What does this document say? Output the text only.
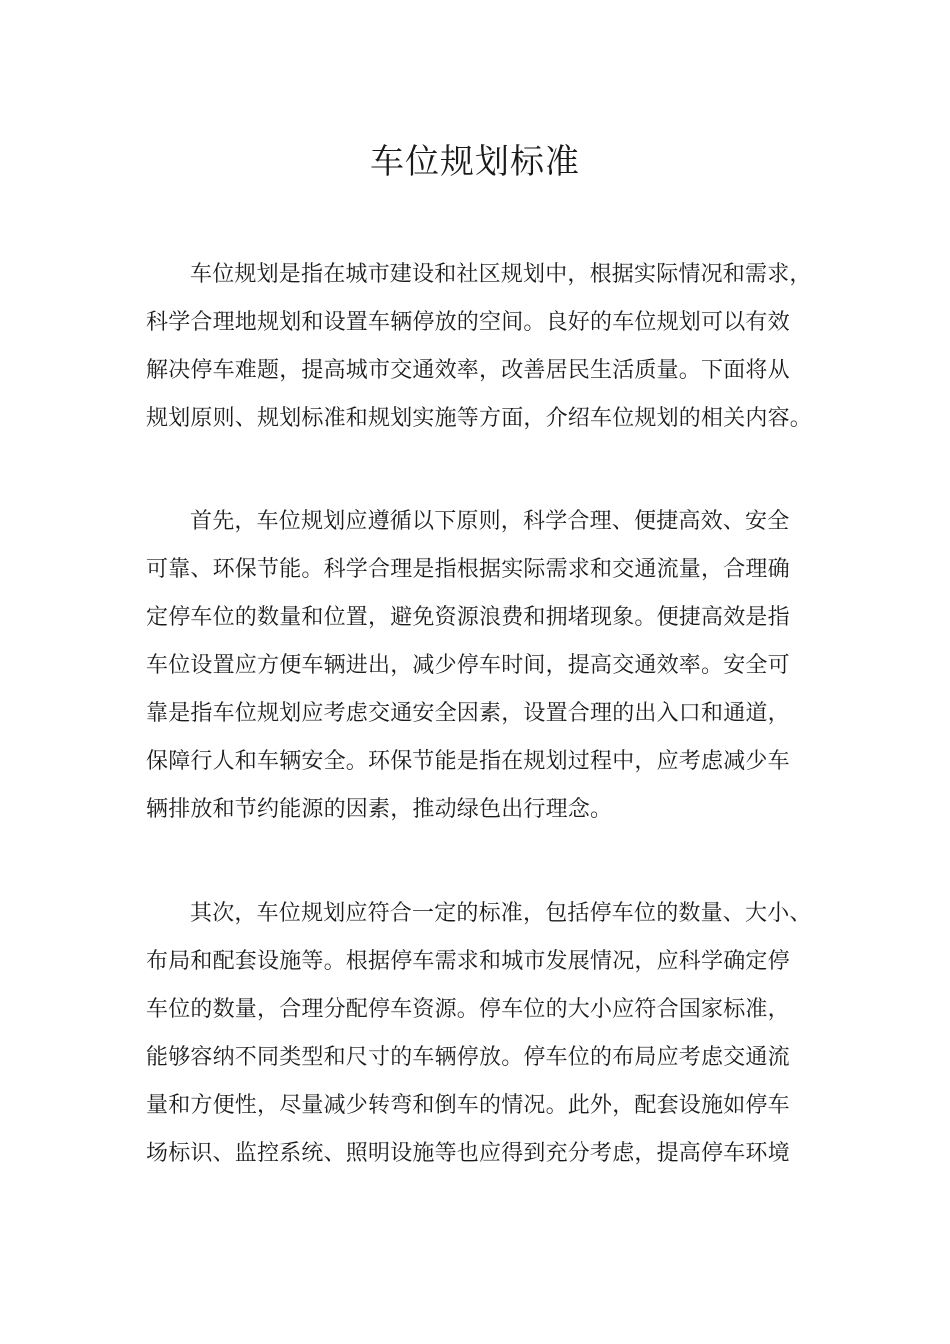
车位规划标准
车位规划是指在城市建设和社区规划中，根据实际情况和需求，
科学合理地规划和设置车辆停放的空间。良好的车位规划可以有效
解决停车难题，提高城市交通效率，改善居民生活质量。下面将从
规划原则、规划标准和规划实施等方面，介绍车位规划的相关内容。
首先，车位规划应遵循以下原则，科学合理、便捷高效、安全
可靠、环保节能。科学合理是指根据实际需求和交通流量，合理确
定停车位的数量和位置，避免资源浪费和拥堵现象。便捷高效是指
车位设置应方便车辆进出，减少停车时间，提高交通效率。安全可
靠是指车位规划应考虑交通安全因素，设置合理的出入口和通道，
保障行人和车辆安全。环保节能是指在规划过程中，应考虑减少车
辆排放和节约能源的因素，推动绿色出行理念。
其次，车位规划应符合一定的标准，包括停车位的数量、大小、
布局和配套设施等。根据停车需求和城市发展情况，应科学确定停
车位的数量，合理分配停车资源。停车位的大小应符合国家标准，
能够容纳不同类型和尺寸的车辆停放。停车位的布局应考虑交通流
量和方便性，尽量减少转弯和倒车的情况。此外，配套设施如停车
场标识、监控系统、照明设施等也应得到充分考虑，提高停车环境
